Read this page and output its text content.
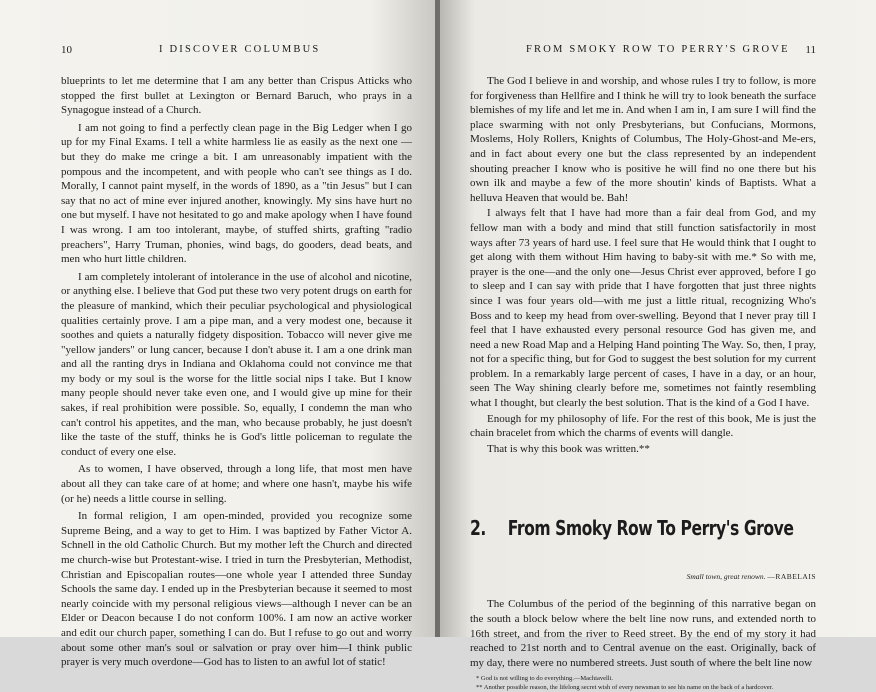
10	I DISCOVER COLUMBUS

blueprints to let me determine that I am any better than Crispus Atticks who stopped the first bullet at Lexington or Bernard Baruch, who prays in a Synagogue instead of a Church.

I am not going to find a perfectly clean page in the Big Ledger when I go up for my Final Exams. I tell a white harmless lie as easily as the next one —but they do make me cringe a bit. I am unreasonably impatient with the pompous and the incompetent, and with people who can't see things as I do. Morally, I cannot paint myself, in the words of 1890, as a "tin Jesus" but I can say that no act of mine ever injured another, knowingly. My sins have hurt no one but myself. I have not hesitated to go and make apology when I have found I was wrong. I am too intolerant, maybe, of stuffed shirts, grafting "radio preachers", Harry Truman, phonies, wind bags, do gooders, dead beats, and men who hurt little children.

I am completely intolerant of intolerance in the use of alcohol and nicotine, or anything else. I believe that God put these two very potent drugs on earth for the pleasure of mankind, which their peculiar psychological and physiological qualities certainly prove. I am a pipe man, and a very modest one, because it soothes and quiets a naturally fidgety disposition. Tobacco will never give me "yellow janders" or lung cancer, because I don't abuse it. I am a one drink man and all the ranting drys in Indiana and Oklahoma could not convince me that my body or my soul is the worse for the little social nips I take. But I know many people should never take even one, and I would give up mine for their sakes, if real prohibition were possible. So, equally, I condemn the man who can't control his appetites, and the man, who because probably, he just doesn't like the taste of the stuff, thinks he is God's little policeman to regulate the conduct of every one else.

As to women, I have observed, through a long life, that most men have about all they can take care of at home; and where one hasn't, maybe his wife (or he) needs a little course in selling.

In formal religion, I am open-minded, provided you recognize some Supreme Being, and a way to get to Him. I was baptized by Father Victor A. Schnell in the old Catholic Church. But my mother left the Church and directed me church-wise but Protestant-wise. I tried in turn the Presbyterian, Methodist, Christian and Episcopalian routes—one whole year I attended three Sunday Schools the same day. I ended up in the Presbyterian because it seemed to most nearly coincide with my personal religious views—although I never can be an Elder or Deacon because I do not conform 100%. I am now an active worker and edit our church paper, something I can do. But I refuse to go out and worry about some other man's soul or salvation or pray over him—I think public prayer is very much overdone—God has to listen to an awful lot of static!

FROM SMOKY ROW TO PERRY'S GROVE 11

The God I believe in and worship, and whose rules I try to follow, is more for forgiveness than Hellfire and I think he will try to look beneath the surface blemishes of my life and let me in. And when I am in, I am sure I will find the place swarming with not only Presbyterians, but Confucians, Mormons, Moslems, Holy Rollers, Knights of Columbus, The Holy-Ghost-and Me-ers, and in fact about every one but the class represented by an independent shouting preacher I know who is positive he will find no one there but his own ilk and maybe a few of the more shoutin' kinds of Baptists. What a helluva Heaven that would be. Bah!

I always felt that I have had more than a fair deal from God, and my fellow man with a body and mind that still function satisfactorily in most ways after 73 years of hard use. I feel sure that He would think that I ought to get along with them without Him having to baby-sit with me.* So with me, prayer is the one—and the only one—Jesus Christ ever approved, before I go to sleep and I can say with pride that I have forgotten that just three nights since I was four years old—with me just a little ritual, recognizing Who's Boss and to keep my head from over-swelling. Beyond that I never pray till I feel that I have exhausted every personal resource God has given me, and need a new Road Map and a Helping Hand pointing The Way. So, then, I pray, not for a specific thing, but for God to suggest the best solution for my current problem. In a remarkably large percent of cases, I have in a day, or an hour, seen The Way shining clearly before me, sometimes not faintly resembling what I thought, but clearly the best solution. That is the kind of a God I have.

Enough for my philosophy of life. For the rest of this book, Me is just the chain bracelet from which the charms of events will dangle.

That is why this book was written.**

2. From Smoky Row To Perry's Grove
Small town, great renown. —RABELAIS

The Columbus of the period of the beginning of this narrative began on the south a block below where the belt line now runs, and extended north to 16th street, and from the river to Reed street. By the end of my story it had reached to 21st north and to Central avenue on the east. Originally, back of my day, there were no numbered streets. Just south of where the belt line now

* God is not willing to do everything.—Machiavelli.

** Another possible reason, the lifelong secret wish of every newsman to see his name on the back of a hardcover.
